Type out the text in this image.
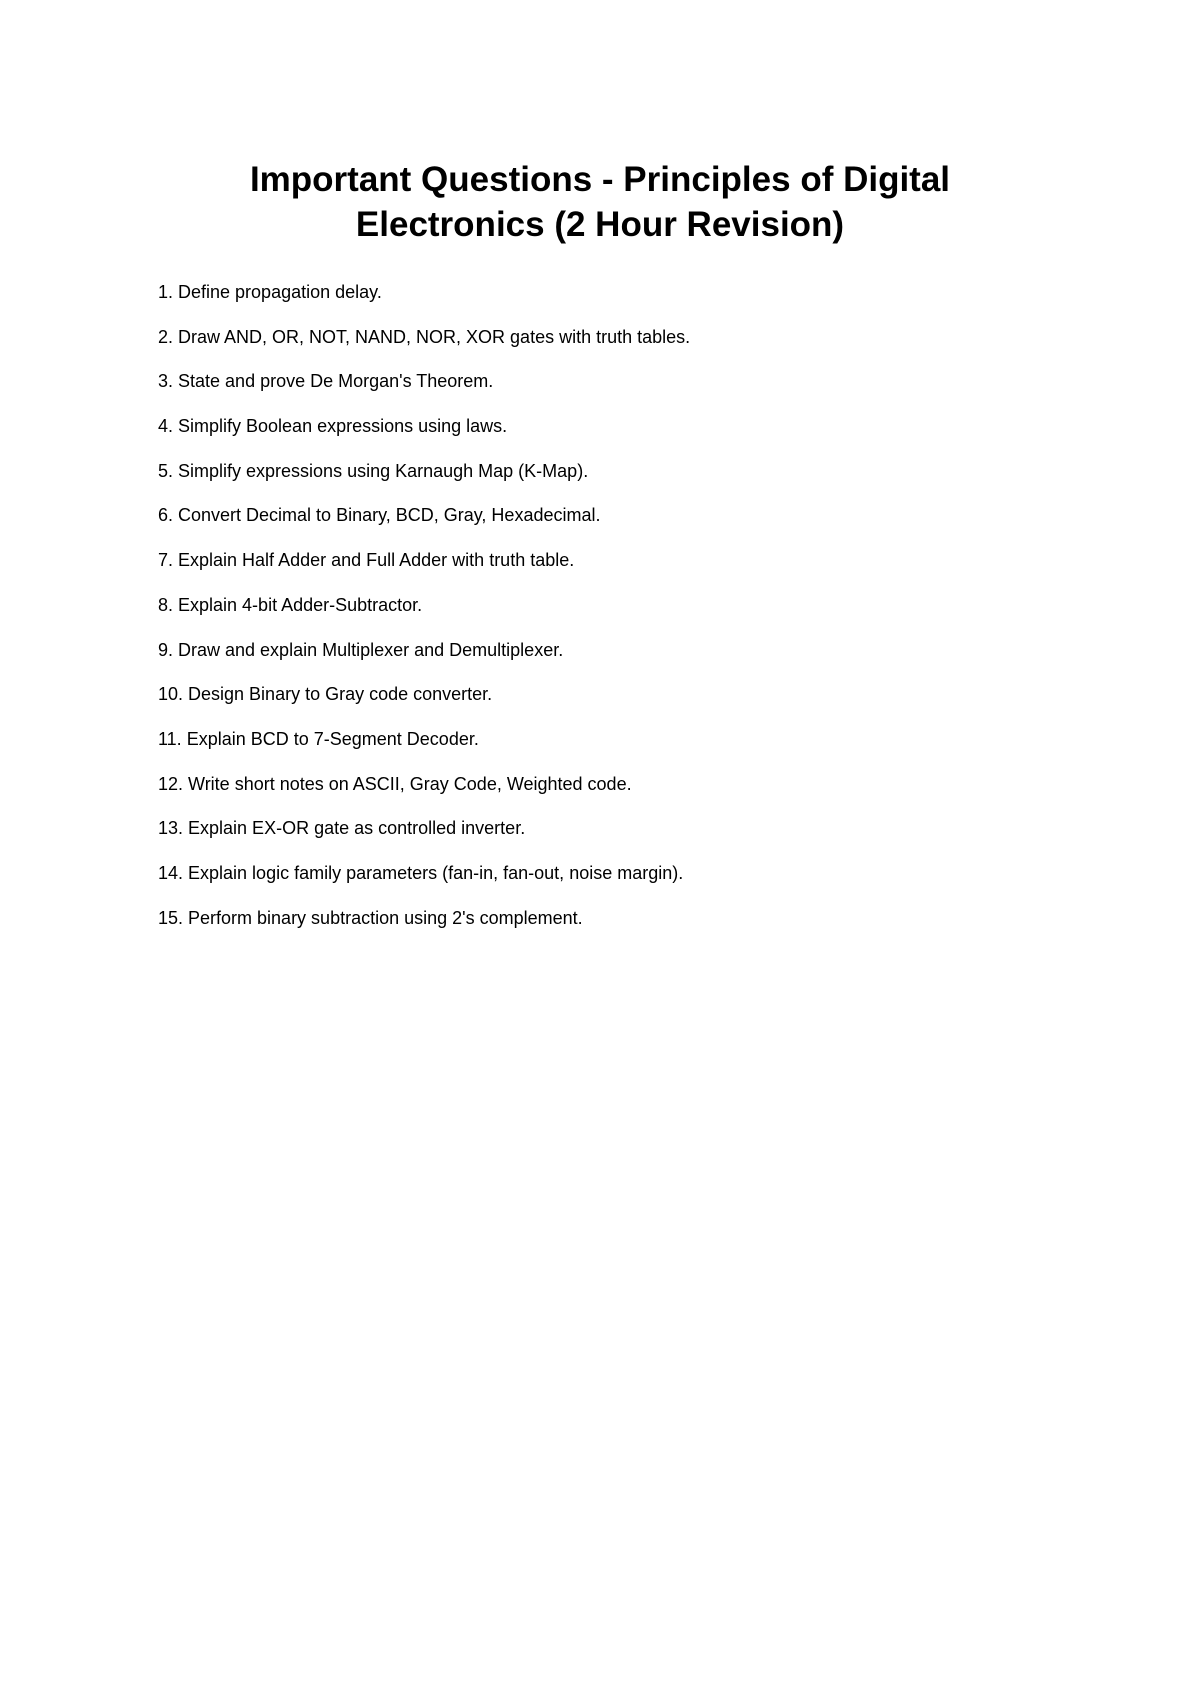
Important Questions - Principles of Digital
Electronics (2 Hour Revision)
1. Define propagation delay.
2. Draw AND, OR, NOT, NAND, NOR, XOR gates with truth tables.
3. State and prove De Morgan's Theorem.
4. Simplify Boolean expressions using laws.
5. Simplify expressions using Karnaugh Map (K-Map).
6. Convert Decimal to Binary, BCD, Gray, Hexadecimal.
7. Explain Half Adder and Full Adder with truth table.
8. Explain 4-bit Adder-Subtractor.
9. Draw and explain Multiplexer and Demultiplexer.
10. Design Binary to Gray code converter.
11. Explain BCD to 7-Segment Decoder.
12. Write short notes on ASCII, Gray Code, Weighted code.
13. Explain EX-OR gate as controlled inverter.
14. Explain logic family parameters (fan-in, fan-out, noise margin).
15. Perform binary subtraction using 2's complement.
